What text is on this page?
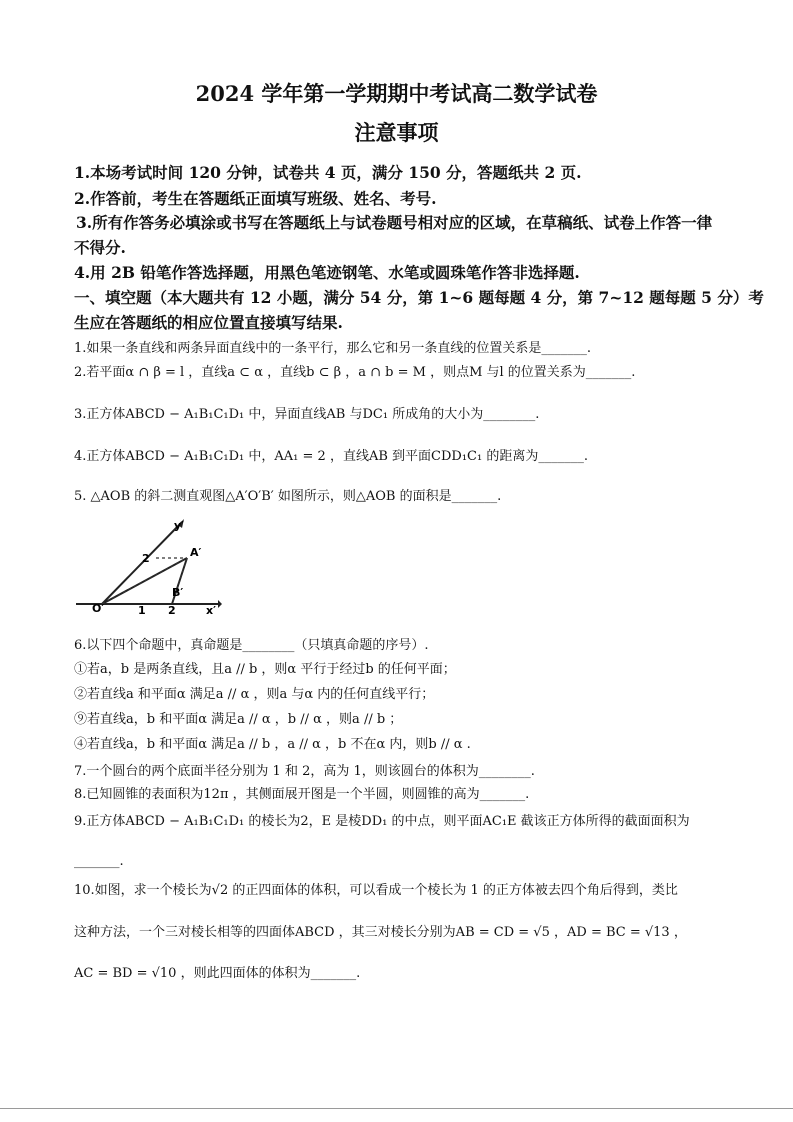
2024 学年第一学期期中考试高二数学试卷
注意事项
1.本场考试时间 120 分钟，试卷共 4 页，满分 150 分，答题纸共 2 页.
2.作答前，考生在答题纸正面填写班级、姓名、考号.
3.所有作答务必填涂或书写在答题纸上与试卷题号相对应的区域，在草稿纸、试卷上作答一律
不得分.
4.用 2B 铅笔作答选择题，用黑色笔迹钢笔、水笔或圆珠笔作答非选择题.
一、填空题（本大题共有 12 小题，满分 54 分，第 1~6 题每题 4 分，第 7~12 题每题 5 分）考
生应在答题纸的相应位置直接填写结果.
1.如果一条直线和两条异面直线中的一条平行，那么它和另一条直线的位置关系是_______.
2.若平面α ∩ β = l ，直线a ⊂ α ，直线b ⊂ β ，a ∩ b = M ，则点M 与l 的位置关系为_______.
3.正方体ABCD − A₁B₁C₁D₁ 中，异面直线AB 与DC₁ 所成角的大小为________.
4.正方体ABCD − A₁B₁C₁D₁ 中，AA₁ = 2 ，直线AB 到平面CDD₁C₁ 的距离为_______.
5. △AOB 的斜二测直观图△A′O′B′ 如图所示，则△AOB 的面积是_______.
y′
x′
O′
A′
B′
1 2
2
6.以下四个命题中，真命题是________（只填真命题的序号）.
①若a，b 是两条直线，且a // b ，则α 平行于经过b 的任何平面；
②若直线a 和平面α 满足a // α ，则a 与α 内的任何直线平行；
⑨若直线a，b 和平面α 满足a // α ，b // α ，则a // b ；
④若直线a，b 和平面α 满足a // b ，a // α ，b 不在α 内，则b // α .
7.一个圆台的两个底面半径分别为 1 和 2，高为 1，则该圆台的体积为________.
8.已知圆锥的表面积为12π ，其侧面展开图是一个半圆，则圆锥的高为_______.
9.正方体ABCD − A₁B₁C₁D₁ 的棱长为2，E 是棱DD₁ 的中点，则平面AC₁E 截该正方体所得的截面面积为
_______.
10.如图，求一个棱长为√2 的正四面体的体积，可以看成一个棱长为 1 的正方体被去四个角后得到，类比
这种方法，一个三对棱长相等的四面体ABCD ，其三对棱长分别为AB = CD = √5 ，AD = BC = √13 ，
AC = BD = √10 ，则此四面体的体积为_______.
